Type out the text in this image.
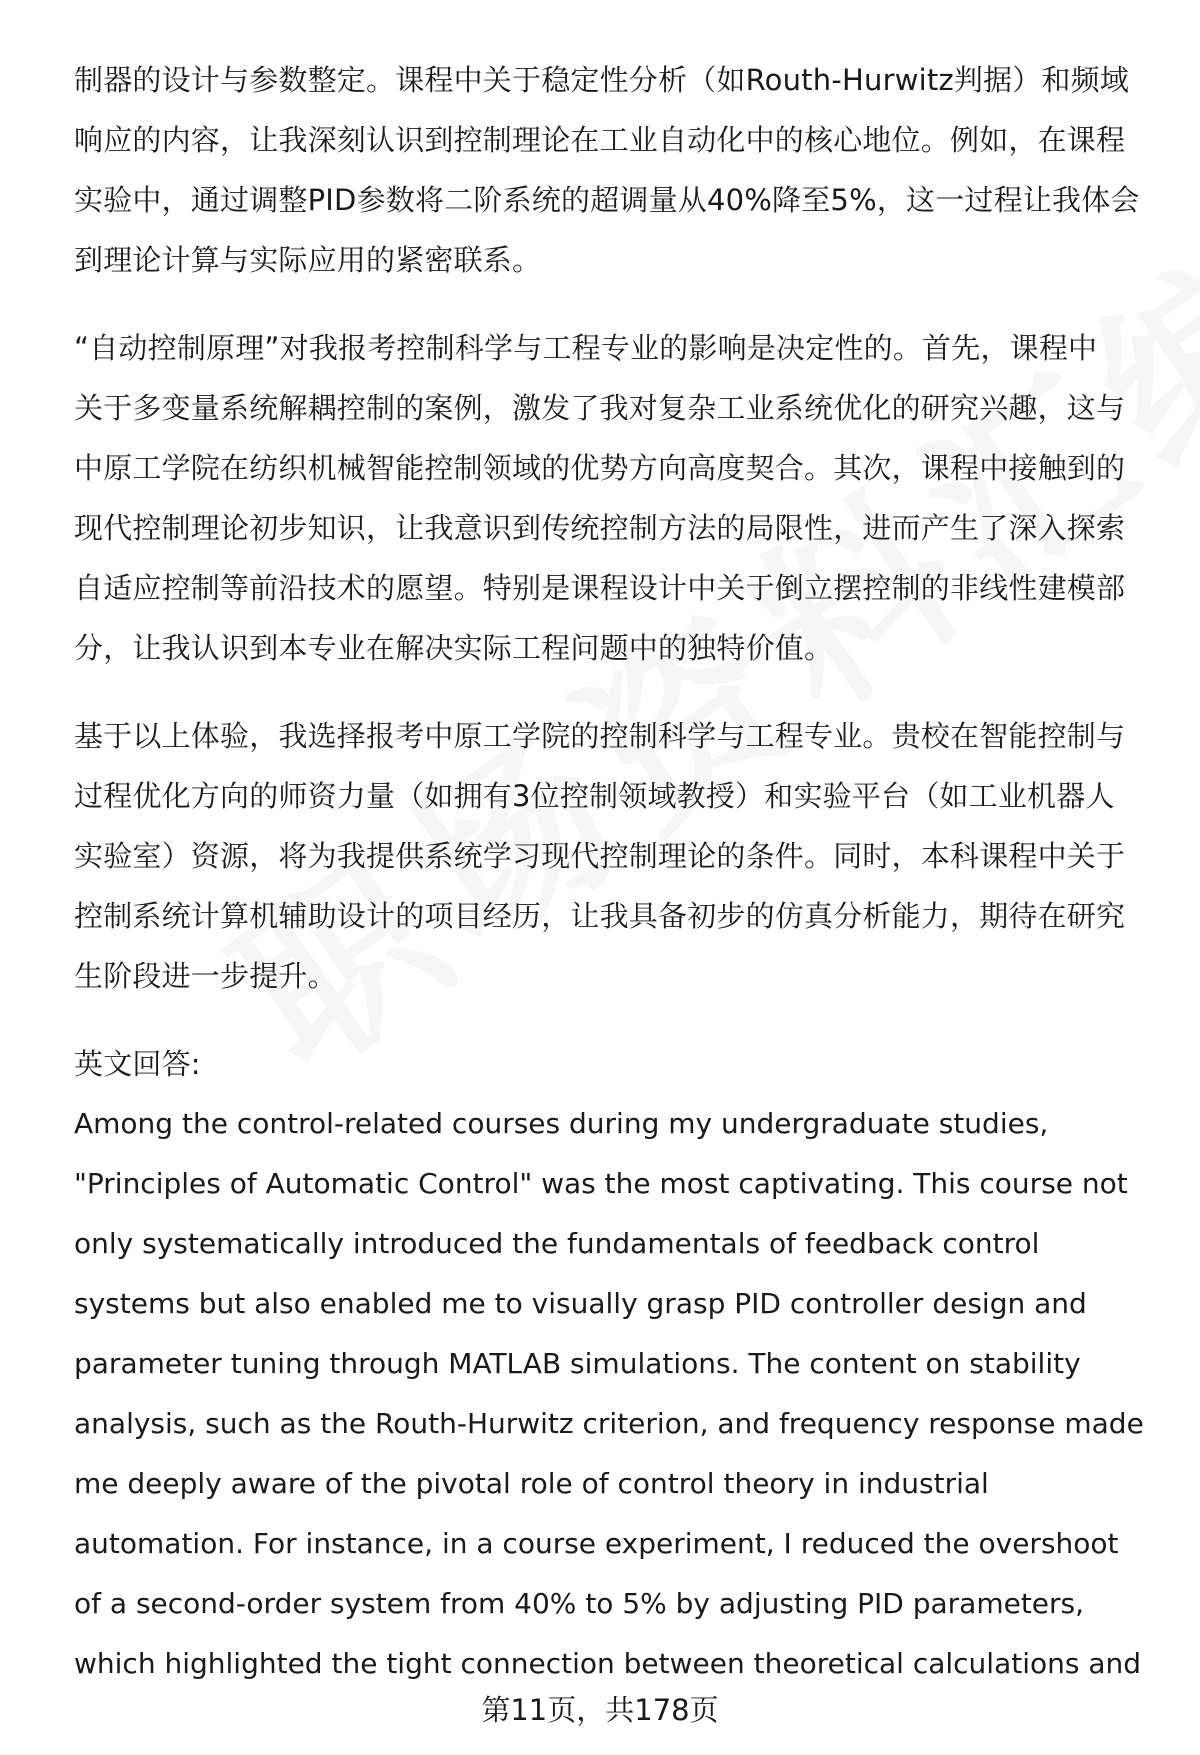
制器的设计与参数整定。课程中关于稳定性分析（如Routh-Hurwitz判据）和频域
响应的内容，让我深刻认识到控制理论在工业自动化中的核心地位。例如，在课程
实验中，通过调整PID参数将二阶系统的超调量从40%降至5%，这一过程让我体会
到理论计算与实际应用的紧密联系。
“自动控制原理”对我报考控制科学与工程专业的影响是决定性的。首先，课程中
关于多变量系统解耦控制的案例，激发了我对复杂工业系统优化的研究兴趣，这与
中原工学院在纺织机械智能控制领域的优势方向高度契合。其次，课程中接触到的
现代控制理论初步知识，让我意识到传统控制方法的局限性，进而产生了深入探索
自适应控制等前沿技术的愿望。特别是课程设计中关于倒立摆控制的非线性建模部
分，让我认识到本专业在解决实际工程问题中的独特价值。
基于以上体验，我选择报考中原工学院的控制科学与工程专业。贵校在智能控制与
过程优化方向的师资力量（如拥有3位控制领域教授）和实验平台（如工业机器人
实验室）资源，将为我提供系统学习现代控制理论的条件。同时，本科课程中关于
控制系统计算机辅助设计的项目经历，让我具备初步的仿真分析能力，期待在研究
生阶段进一步提升。
英文回答:
Among the control-related courses during my undergraduate studies,
"Principles of Automatic Control" was the most captivating. This course not
only systematically introduced the fundamentals of feedback control
systems but also enabled me to visually grasp PID controller design and
parameter tuning through MATLAB simulations. The content on stability
analysis, such as the Routh-Hurwitz criterion, and frequency response made
me deeply aware of the pivotal role of control theory in industrial
automation. For instance, in a course experiment, I reduced the overshoot
of a second-order system from 40% to 5% by adjusting PID parameters,
which highlighted the tight connection between theoretical calculations and
第11页，共178页
